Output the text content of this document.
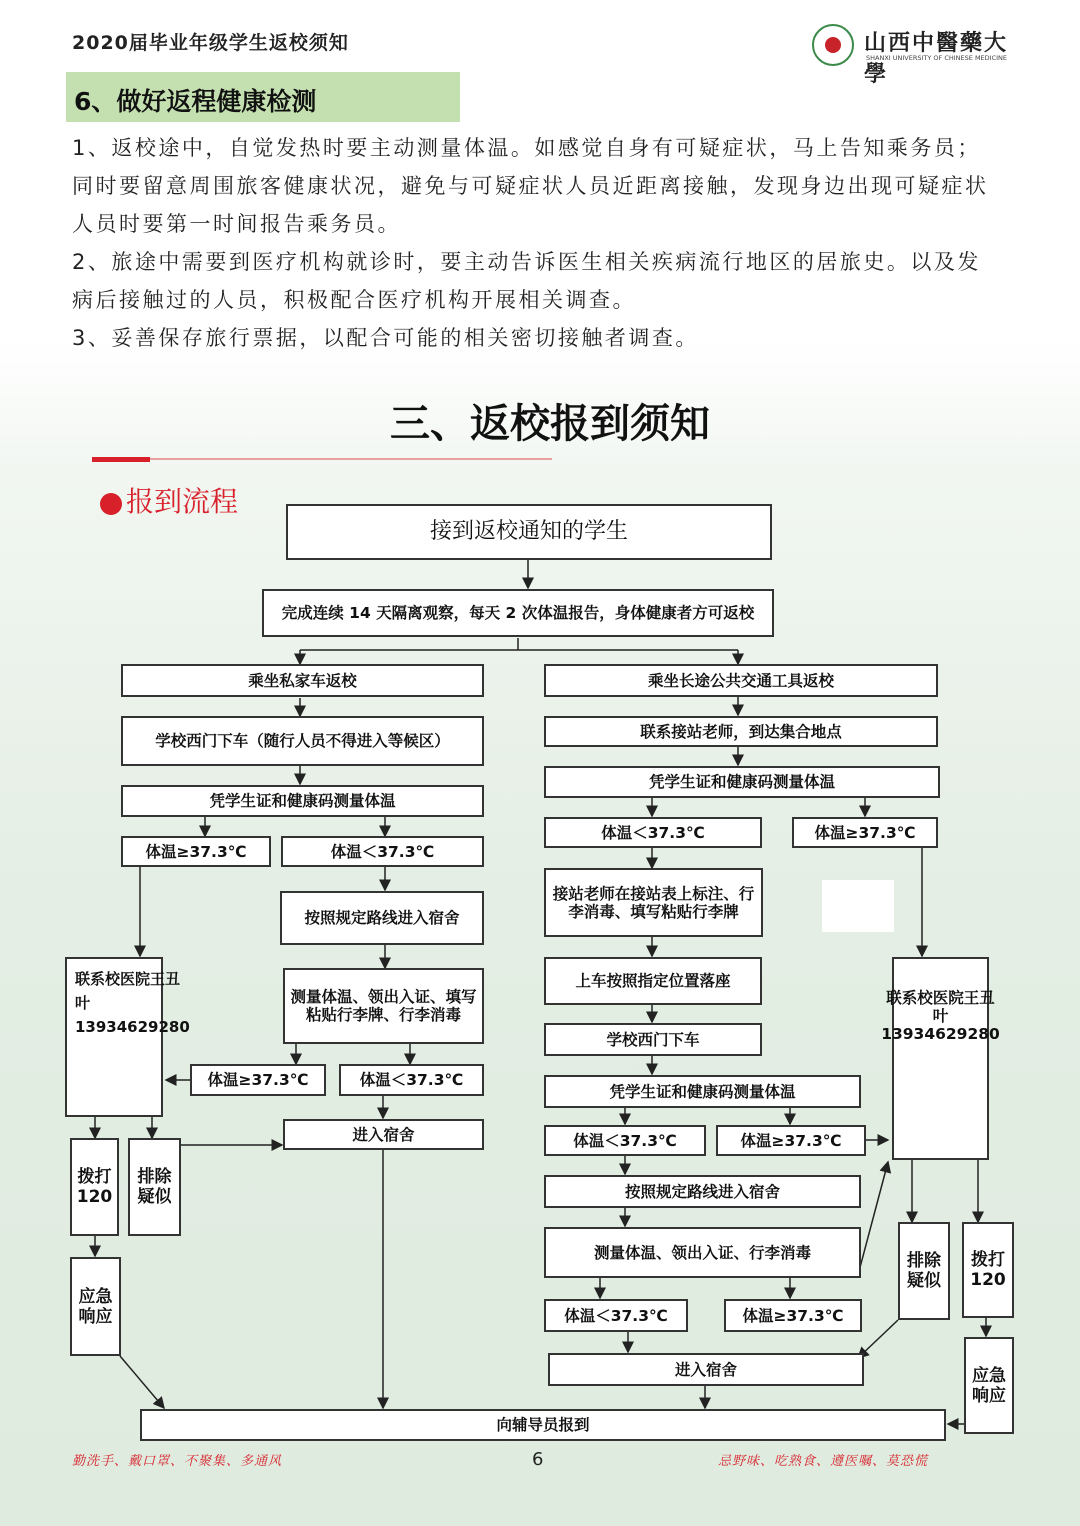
2020届毕业年级学生返校须知	山西中醫藥大學
SHANXI UNIVERSITY OF CHINESE MEDICINE
6、做好返程健康检测
1、返校途中，自觉发热时要主动测量体温。如感觉自身有可疑症状，马上告知乘务员；同时要留意周围旅客健康状况，避免与可疑症状人员近距离接触，发现身边出现可疑症状人员时要第一时间报告乘务员。
2、旅途中需要到医疗机构就诊时，要主动告诉医生相关疾病流行地区的居旅史。以及发病后接触过的人员，积极配合医疗机构开展相关调查。
3、妥善保存旅行票据，以配合可能的相关密切接触者调查。
三、返校报到须知
报到流程
接到返校通知的学生
完成连续 14 天隔离观察，每天 2 次体温报告，身体健康者方可返校
乘坐私家车返校	乘坐长途公共交通工具返校
学校西门下车（随行人员不得进入等候区）
联系接站老师，到达集合地点
凭学生证和健康码测量体温
凭学生证和健康码测量体温
体温≥37.3℃	体温＜37.3℃
体温＜37.3℃	体温≥37.3℃
按照规定路线进入宿舍
接站老师在接站表上标注、行李消毒、填写粘贴行李牌
联系校医院王丑叶13934629280
联系校医院王丑叶13934629280
测量体温、领出入证、填写粘贴行李牌、行李消毒
上车按照指定位置落座
学校西门下车
体温≥37.3℃	体温＜37.3℃
凭学生证和健康码测量体温
进入宿舍	体温＜37.3℃	体温≥37.3℃
拨打120
排除疑似	按照规定路线进入宿舍
测量体温、领出入证、行李消毒
应急响应
排除疑似
拨打120
体温＜37.3℃	体温≥37.3℃
进入宿舍	应急响应
向辅导员报到
勤洗手、戴口罩、不聚集、多通风	6	忌野味、吃熟食、遵医嘱、莫恐慌
